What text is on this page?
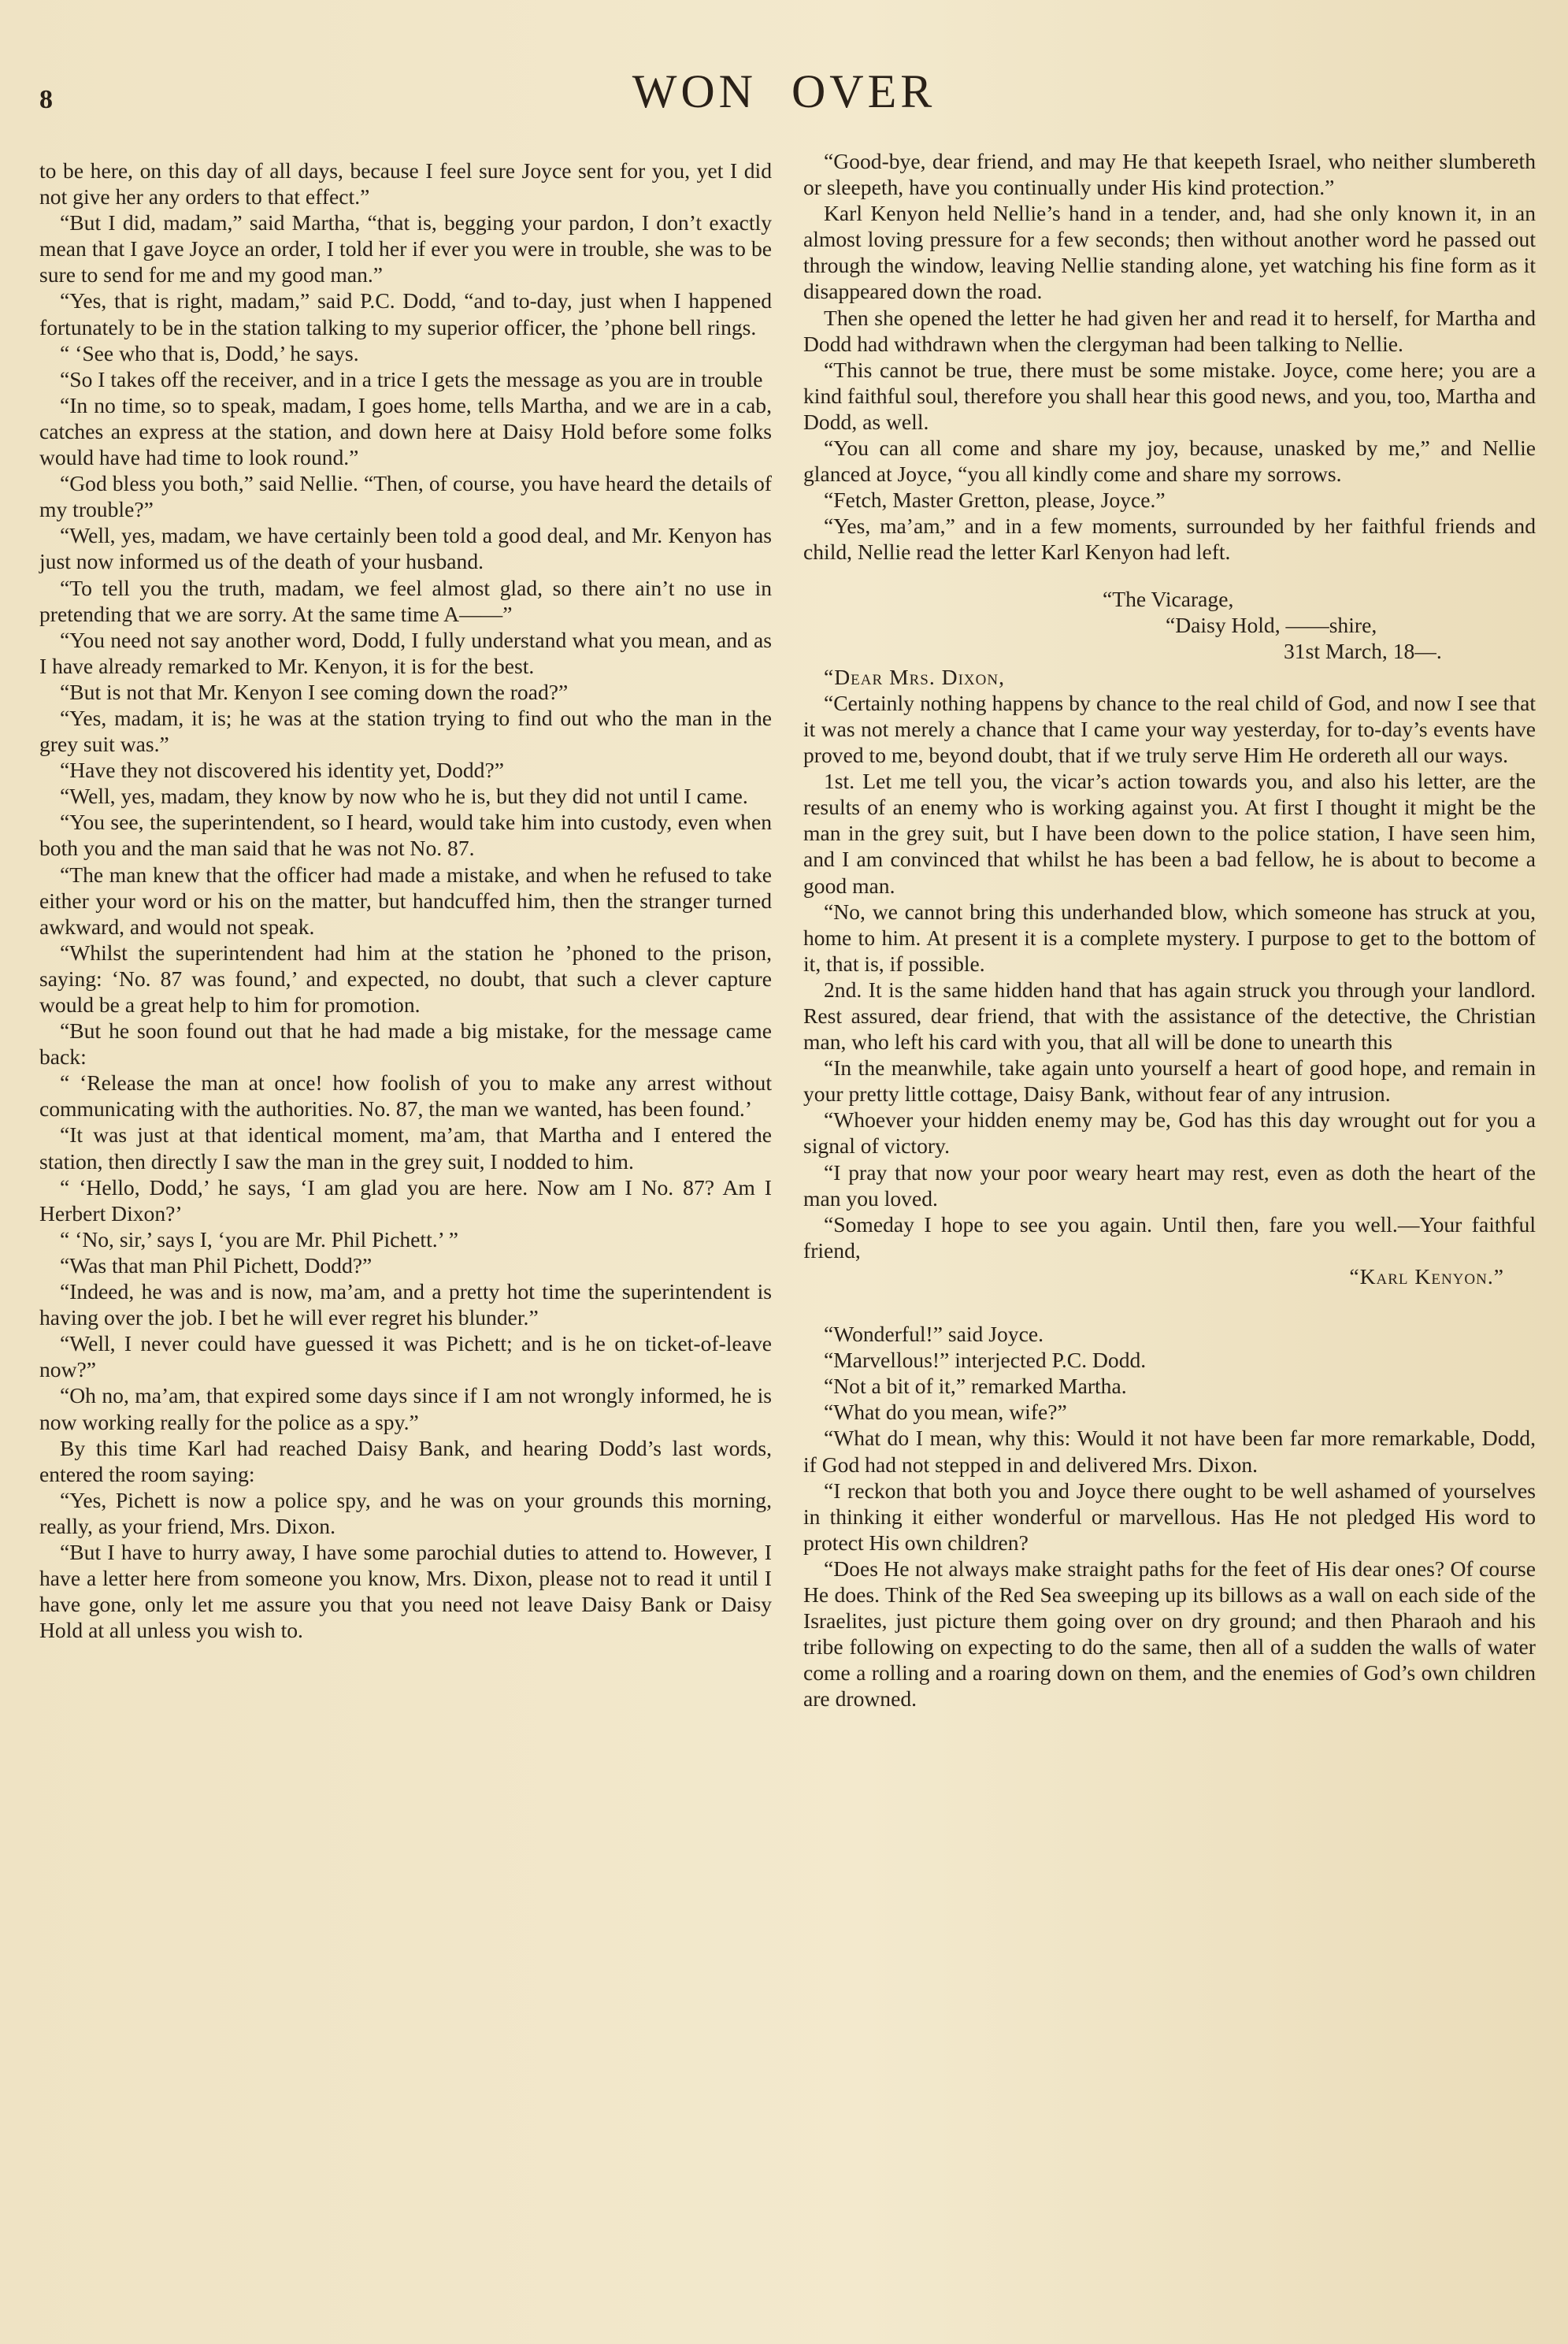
8	WON OVER

to be here, on this day of all days, because I feel sure Joyce sent for you, yet I did not give her any orders to that effect.”

“But I did, madam,” said Martha, “that is, begging your pardon, I don’t exactly mean that I gave Joyce an order, I told her if ever you were in trouble, she was to be sure to send for me and my good man.”

“Yes, that is right, madam,” said P.C. Dodd, “and to-day, just when I happened fortunately to be in the station talking to my superior officer, the ’phone bell rings.

“ ‘See who that is, Dodd,’ he says.

“So I takes off the receiver, and in a trice I gets the message as you are in trouble

“In no time, so to speak, madam, I goes home, tells Martha, and we are in a cab, catches an express at the station, and down here at Daisy Hold before some folks would have had time to look round.”

“God bless you both,” said Nellie. “Then, of course, you have heard the details of my trouble?”

“Well, yes, madam, we have certainly been told a good deal, and Mr. Kenyon has just now informed us of the death of your husband.

“To tell you the truth, madam, we feel almost glad, so there ain’t no use in pretending that we are sorry. At the same time A——”

“You need not say another word, Dodd, I fully understand what you mean, and as I have already remarked to Mr. Kenyon, it is for the best.

“But is not that Mr. Kenyon I see coming down the road?”

“Yes, madam, it is; he was at the station trying to find out who the man in the grey suit was.”

“Have they not discovered his identity yet, Dodd?”

“Well, yes, madam, they know by now who he is, but they did not until I came.

“You see, the superintendent, so I heard, would take him into custody, even when both you and the man said that he was not No. 87.

“The man knew that the officer had made a mistake, and when he refused to take either your word or his on the matter, but handcuffed him, then the stranger turned awkward, and would not speak.

“Whilst the superintendent had him at the station he ’phoned to the prison, saying: ‘No. 87 was found,’ and expected, no doubt, that such a clever capture would be a great help to him for promotion.

“But he soon found out that he had made a big mistake, for the message came back:

“ ‘Release the man at once! how foolish of you to make any arrest without communicating with the authorities. No. 87, the man we wanted, has been found.’

“It was just at that identical moment, ma’am, that Martha and I entered the station, then directly I saw the man in the grey suit, I nodded to him.

“ ‘Hello, Dodd,’ he says, ‘I am glad you are here. Now am I No. 87? Am I Herbert Dixon?’

“ ‘No, sir,’ says I, ‘you are Mr. Phil Pichett.’ ”

“Was that man Phil Pichett, Dodd?”

“Indeed, he was and is now, ma’am, and a pretty hot time the superintendent is having over the job. I bet he will ever regret his blunder.”

“Well, I never could have guessed it was Pichett; and is he on ticket-of-leave now?”

“Oh no, ma’am, that expired some days since if I am not wrongly informed, he is now working really for the police as a spy.”

By this time Karl had reached Daisy Bank, and hearing Dodd’s last words, entered the room saying:

“Yes, Pichett is now a police spy, and he was on your grounds this morning, really, as your friend, Mrs. Dixon.

“But I have to hurry away, I have some parochial duties to attend to. However, I have a letter here from someone you know, Mrs. Dixon, please not to read it until I have gone, only let me assure you that you need not leave Daisy Bank or Daisy Hold at all unless you wish to.

“Good-bye, dear friend, and may He that keepeth Israel, who neither slumbereth or sleepeth, have you continually under His kind protection.”

Karl Kenyon held Nellie’s hand in a tender, and, had she only known it, in an almost loving pressure for a few seconds; then without another word he passed out through the window, leaving Nellie standing alone, yet watching his fine form as it disappeared down the road.

Then she opened the letter he had given her and read it to herself, for Martha and Dodd had withdrawn when the clergyman had been talking to Nellie.

“This cannot be true, there must be some mistake. Joyce, come here; you are a kind faithful soul, therefore you shall hear this good news, and you, too, Martha and Dodd, as well.

“You can all come and share my joy, because, unasked by me,” and Nellie glanced at Joyce, “you all kindly come and share my sorrows.

“Fetch, Master Gretton, please, Joyce.”

“Yes, ma’am,” and in a few moments, surrounded by her faithful friends and child, Nellie read the letter Karl Kenyon had left.

“The Vicarage,
“Daisy Hold, ——shire,
31st March, 18—.

“Dear Mrs. Dixon,

“Certainly nothing happens by chance to the real child of God, and now I see that it was not merely a chance that I came your way yesterday, for to-day’s events have proved to me, beyond doubt, that if we truly serve Him He ordereth all our ways.

1st. Let me tell you, the vicar’s action towards you, and also his letter, are the results of an enemy who is working against you. At first I thought it might be the man in the grey suit, but I have been down to the police station, I have seen him, and I am convinced that whilst he has been a bad fellow, he is about to become a good man.

“No, we cannot bring this underhanded blow, which someone has struck at you, home to him. At present it is a complete mystery. I purpose to get to the bottom of it, that is, if possible.

2nd. It is the same hidden hand that has again struck you through your landlord. Rest assured, dear friend, that with the assistance of the detective, the Christian man, who left his card with you, that all will be done to unearth this

“In the meanwhile, take again unto yourself a heart of good hope, and remain in your pretty little cottage, Daisy Bank, without fear of any intrusion.

“Whoever your hidden enemy may be, God has this day wrought out for you a signal of victory.

“I pray that now your poor weary heart may rest, even as doth the heart of the man you loved.

“Someday I hope to see you again. Until then, fare you well.—Your faithful friend,

“Karl Kenyon.”

“Wonderful!” said Joyce.

“Marvellous!” interjected P.C. Dodd.

“Not a bit of it,” remarked Martha.

“What do you mean, wife?”

“What do I mean, why this: Would it not have been far more remarkable, Dodd, if God had not stepped in and delivered Mrs. Dixon.

“I reckon that both you and Joyce there ought to be well ashamed of yourselves in thinking it either wonderful or marvellous. Has He not pledged His word to protect His own children?

“Does He not always make straight paths for the feet of His dear ones? Of course He does. Think of the Red Sea sweeping up its billows as a wall on each side of the Israelites, just picture them going over on dry ground; and then Pharaoh and his tribe following on expecting to do the same, then all of a sudden the walls of water come a rolling and a roaring down on them, and the enemies of God’s own children are drowned.
